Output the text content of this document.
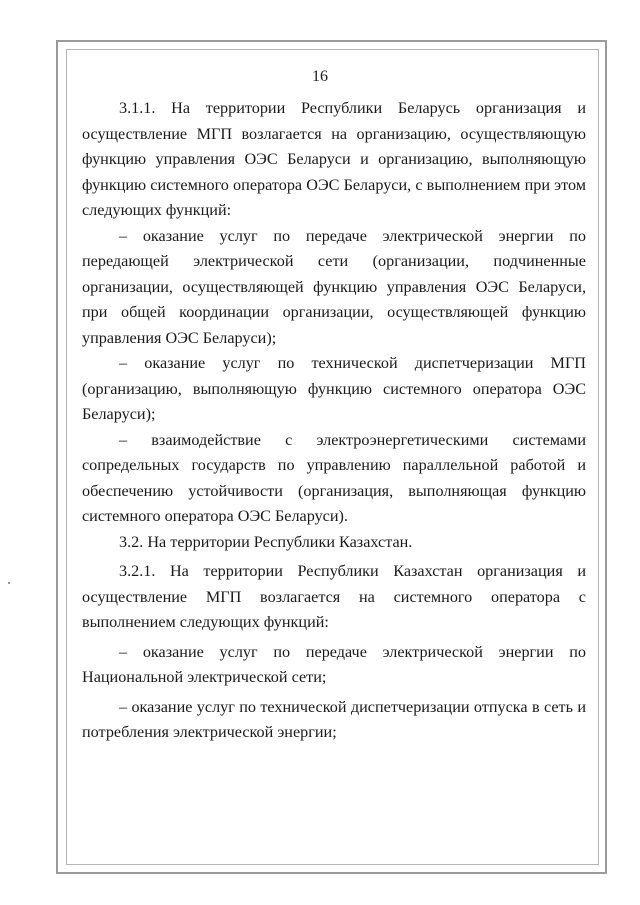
16

3.1.1. На территории Республики Беларусь организация и осуществление МГП возлагается на организацию, осуществляющую функцию управления ОЭС Беларуси и организацию, выполняющую функцию системного оператора ОЭС Беларуси, с выполнением при этом следующих функций:

– оказание услуг по передаче электрической энергии по передающей электрической сети (организации, подчиненные организации, осуществляющей функцию управления ОЭС Беларуси, при общей координации организации, осуществляющей функцию управления ОЭС Беларуси);

– оказание услуг по технической диспетчеризации МГП (организацию, выполняющую функцию системного оператора ОЭС Беларуси);

– взаимодействие с электроэнергетическими системами сопредельных государств по управлению параллельной работой и обеспечению устойчивости (организация, выполняющая функцию системного оператора ОЭС Беларуси).

3.2. На территории Республики Казахстан.

3.2.1. На территории Республики Казахстан организация и осуществление МГП возлагается на системного оператора с выполнением следующих функций:

– оказание услуг по передаче электрической энергии по Национальной электрической сети;

– оказание услуг по технической диспетчеризации отпуска в сеть и потребления электрической энергии;
